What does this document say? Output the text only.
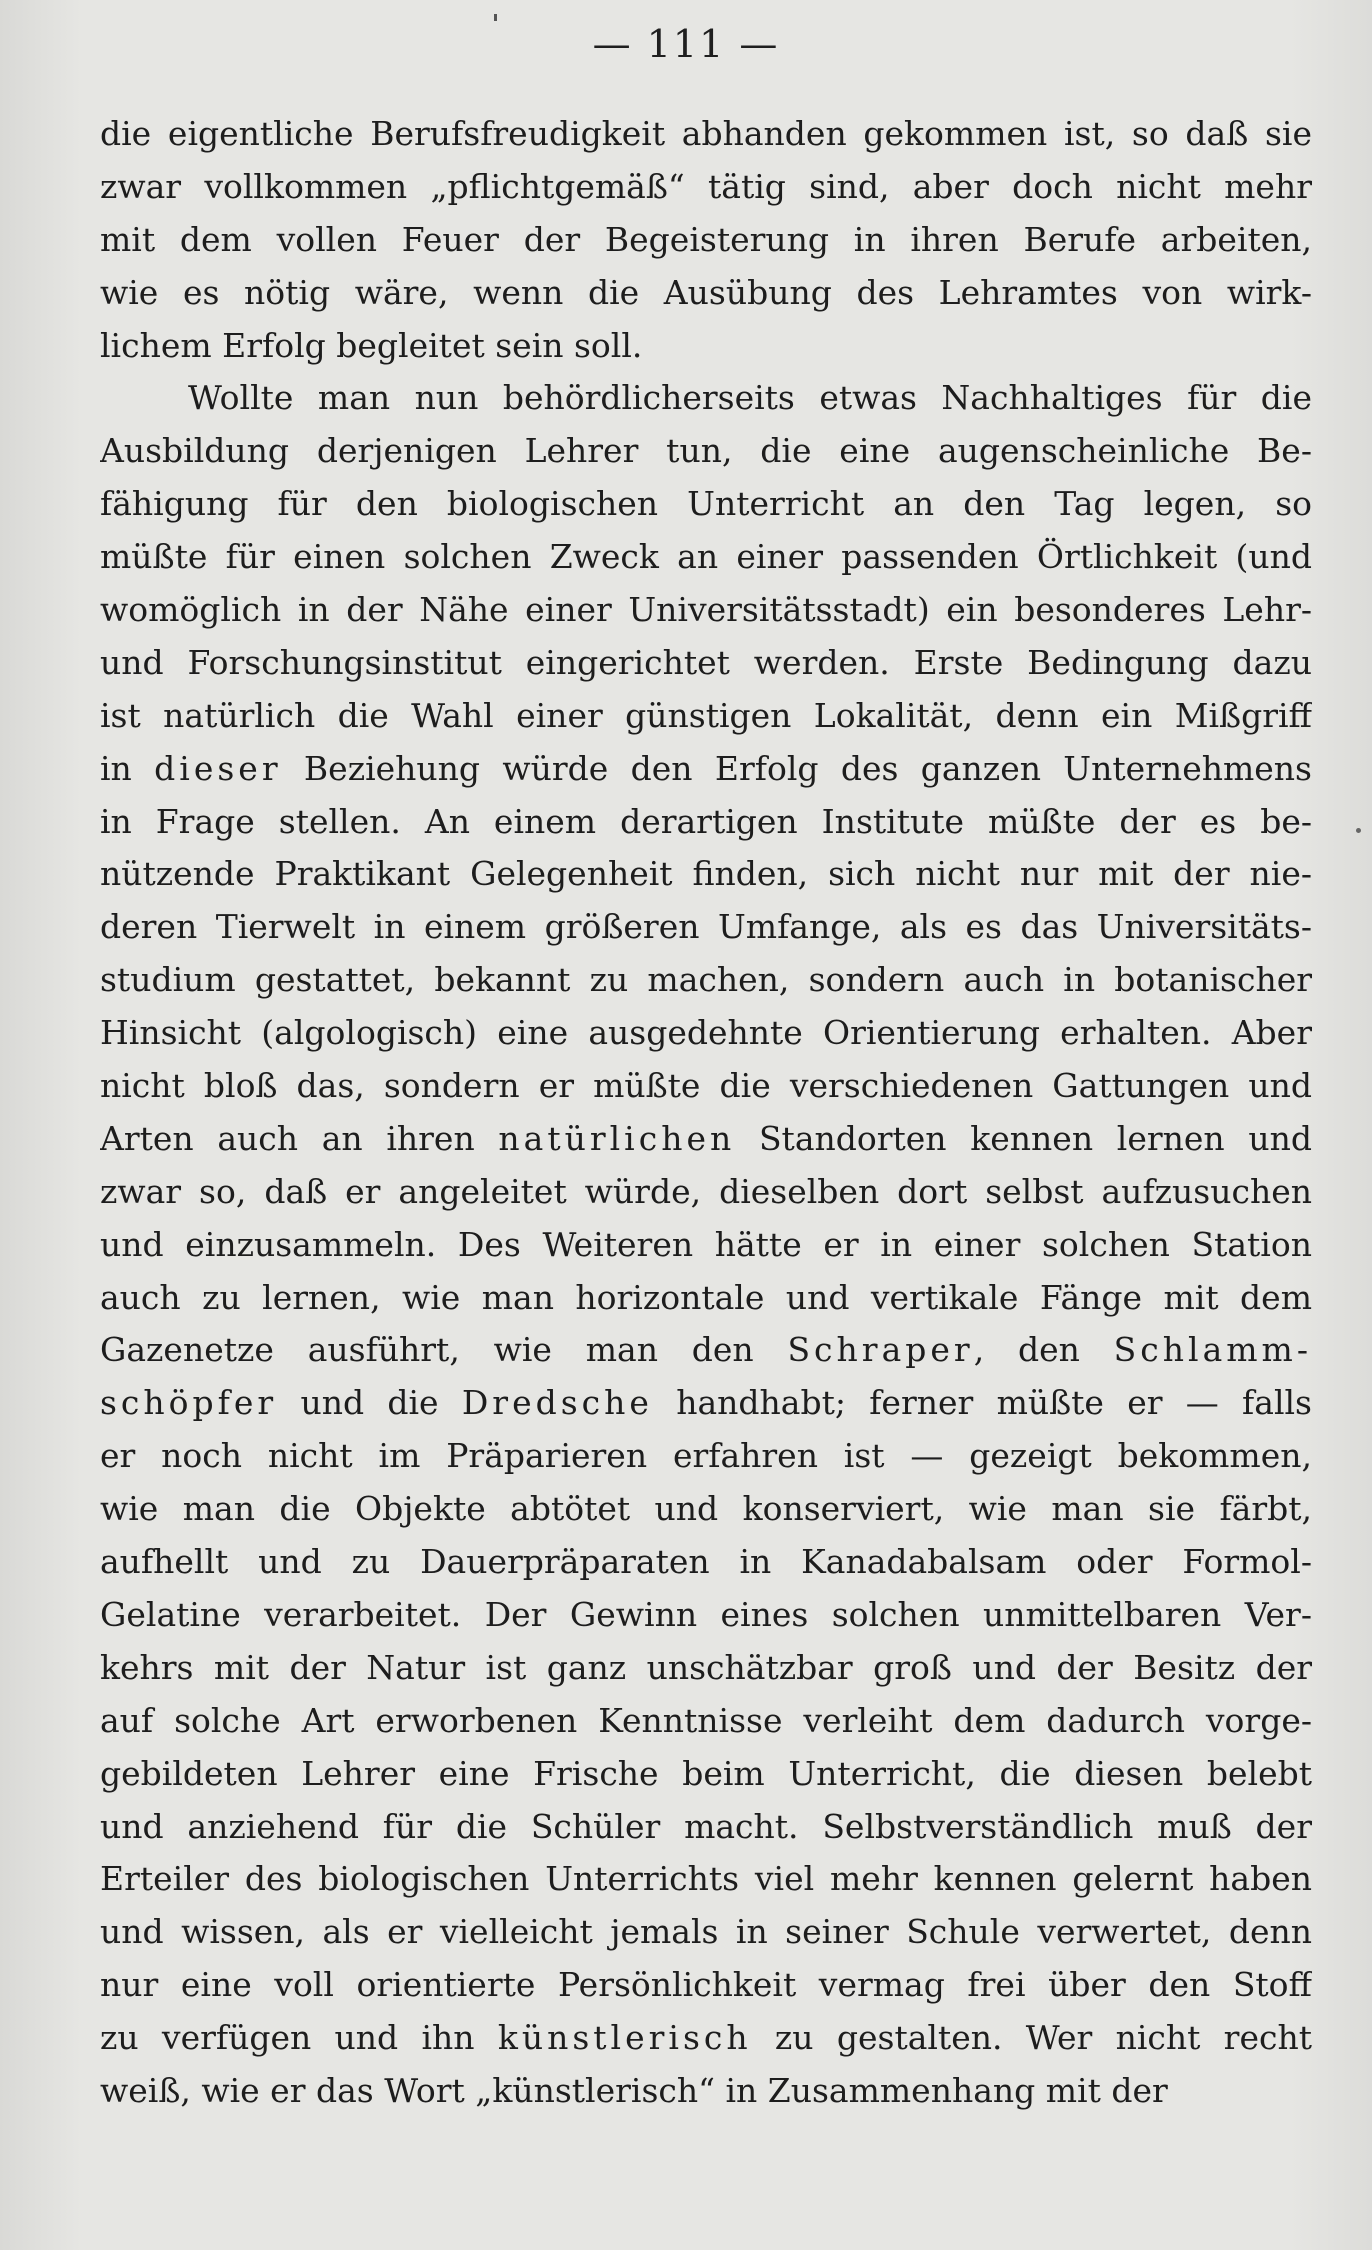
— 111 —
die eigentliche Berufsfreudigkeit abhanden gekommen ist, so daß sie
zwar vollkommen „pflichtgemäß“ tätig sind, aber doch nicht mehr
mit dem vollen Feuer der Begeisterung in ihren Berufe arbeiten,
wie es nötig wäre, wenn die Ausübung des Lehramtes von wirk-
lichem Erfolg begleitet sein soll.
Wollte man nun behördlicherseits etwas Nachhaltiges für die
Ausbildung derjenigen Lehrer tun, die eine augenscheinliche Be-
fähigung für den biologischen Unterricht an den Tag legen, so
müßte für einen solchen Zweck an einer passenden Örtlichkeit (und
womöglich in der Nähe einer Universitätsstadt) ein besonderes Lehr-
und Forschungsinstitut eingerichtet werden. Erste Bedingung dazu
ist natürlich die Wahl einer günstigen Lokalität, denn ein Mißgriff
in dieser Beziehung würde den Erfolg des ganzen Unternehmens
in Frage stellen. An einem derartigen Institute müßte der es be-
nützende Praktikant Gelegenheit finden, sich nicht nur mit der nie-
deren Tierwelt in einem größeren Umfange, als es das Universitäts-
studium gestattet, bekannt zu machen, sondern auch in botanischer
Hinsicht (algologisch) eine ausgedehnte Orientierung erhalten. Aber
nicht bloß das, sondern er müßte die verschiedenen Gattungen und
Arten auch an ihren natürlichen Standorten kennen lernen und
zwar so, daß er angeleitet würde, dieselben dort selbst aufzusuchen
und einzusammeln. Des Weiteren hätte er in einer solchen Station
auch zu lernen, wie man horizontale und vertikale Fänge mit dem
Gazenetze ausführt, wie man den Schraper, den Schlamm-
schöpfer und die Dredsche handhabt; ferner müßte er — falls
er noch nicht im Präparieren erfahren ist — gezeigt bekommen,
wie man die Objekte abtötet und konserviert, wie man sie färbt,
aufhellt und zu Dauerpräparaten in Kanadabalsam oder Formol-
Gelatine verarbeitet. Der Gewinn eines solchen unmittelbaren Ver-
kehrs mit der Natur ist ganz unschätzbar groß und der Besitz der
auf solche Art erworbenen Kenntnisse verleiht dem dadurch vorge-
gebildeten Lehrer eine Frische beim Unterricht, die diesen belebt
und anziehend für die Schüler macht. Selbstverständlich muß der
Erteiler des biologischen Unterrichts viel mehr kennen gelernt haben
und wissen, als er vielleicht jemals in seiner Schule verwertet, denn
nur eine voll orientierte Persönlichkeit vermag frei über den Stoff
zu verfügen und ihn künstlerisch zu gestalten. Wer nicht recht
weiß, wie er das Wort „künstlerisch“ in Zusammenhang mit der
